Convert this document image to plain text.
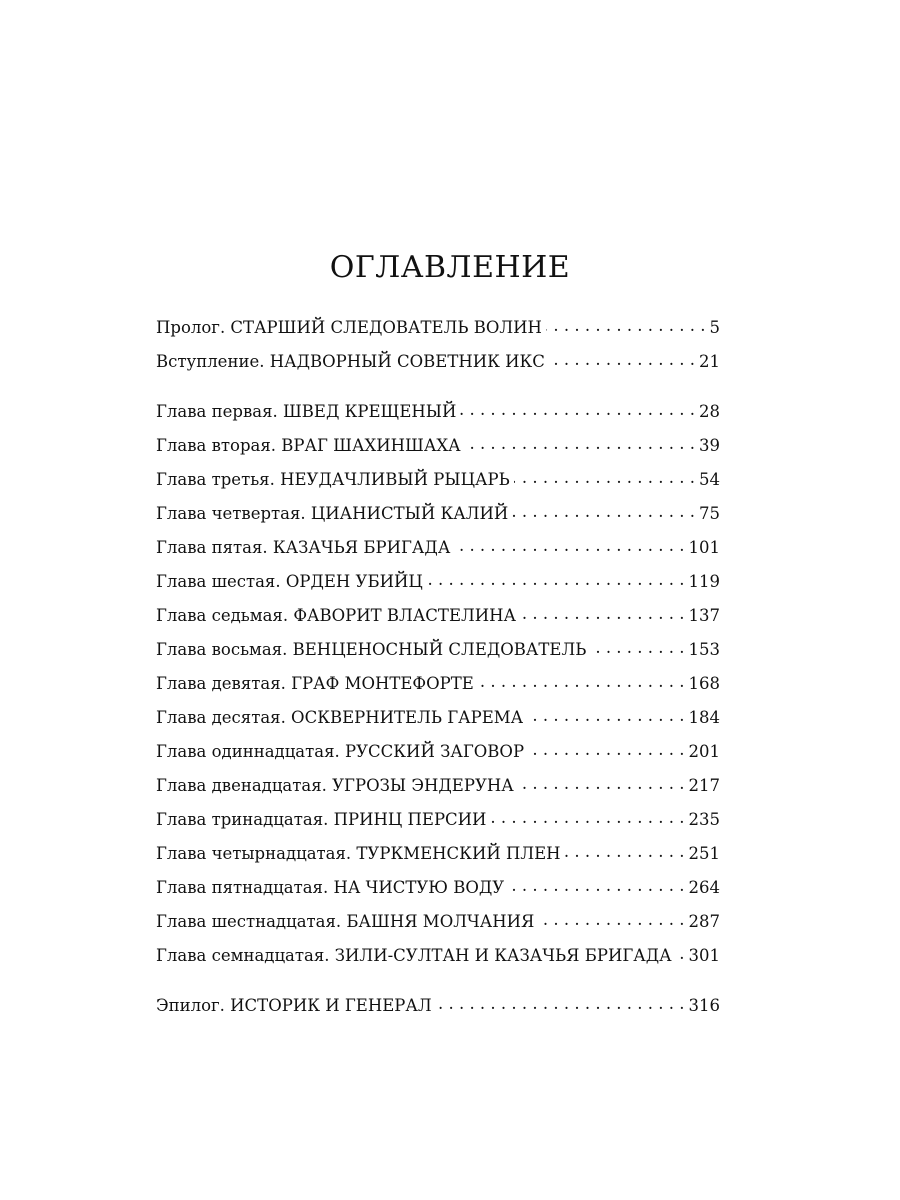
ОГЛАВЛЕНИЕ
Пролог. СТАРШИЙ СЛЕДОВАТЕЛЬ ВОЛИН . . .	5
Вступление. НАДВОРНЫЙ СОВЕТНИК ИКС . . .	21
Глава первая. ШВЕД КРЕЩЕНЫЙ . . .	28
Глава вторая. ВРАГ ШАХИНШАХА . . .	39
Глава третья. НЕУДАЧЛИВЫЙ РЫЦАРЬ . . .	54
Глава четвертая. ЦИАНИСТЫЙ КАЛИЙ . . .	75
Глава пятая. КАЗАЧЬЯ БРИГАДА . . .	101
Глава шестая. ОРДЕН УБИЙЦ . . .	119
Глава седьмая. ФАВОРИТ ВЛАСТЕЛИНА . . .	137
Глава восьмая. ВЕНЦЕНОСНЫЙ СЛЕДОВАТЕЛЬ . . .	153
Глава девятая. ГРАФ МОНТЕФОРТЕ . . .	168
Глава десятая. ОСКВЕРНИТЕЛЬ ГАРЕМА . . .	184
Глава одиннадцатая. РУССКИЙ ЗАГОВОР . . .	201
Глава двенадцатая. УГРОЗЫ ЭНДЕРУНА . . .	217
Глава тринадцатая. ПРИНЦ ПЕРСИИ . . .	235
Глава четырнадцатая. ТУРКМЕНСКИЙ ПЛЕН . . .	251
Глава пятнадцатая. НА ЧИСТУЮ ВОДУ . . .	264
Глава шестнадцатая. БАШНЯ МОЛЧАНИЯ . . .	287
Глава семнадцатая. ЗИЛИ-СУЛТАН И КАЗАЧЬЯ БРИГАДА . . . 301
Эпилог. ИСТОРИК И ГЕНЕРАЛ . . .	316
